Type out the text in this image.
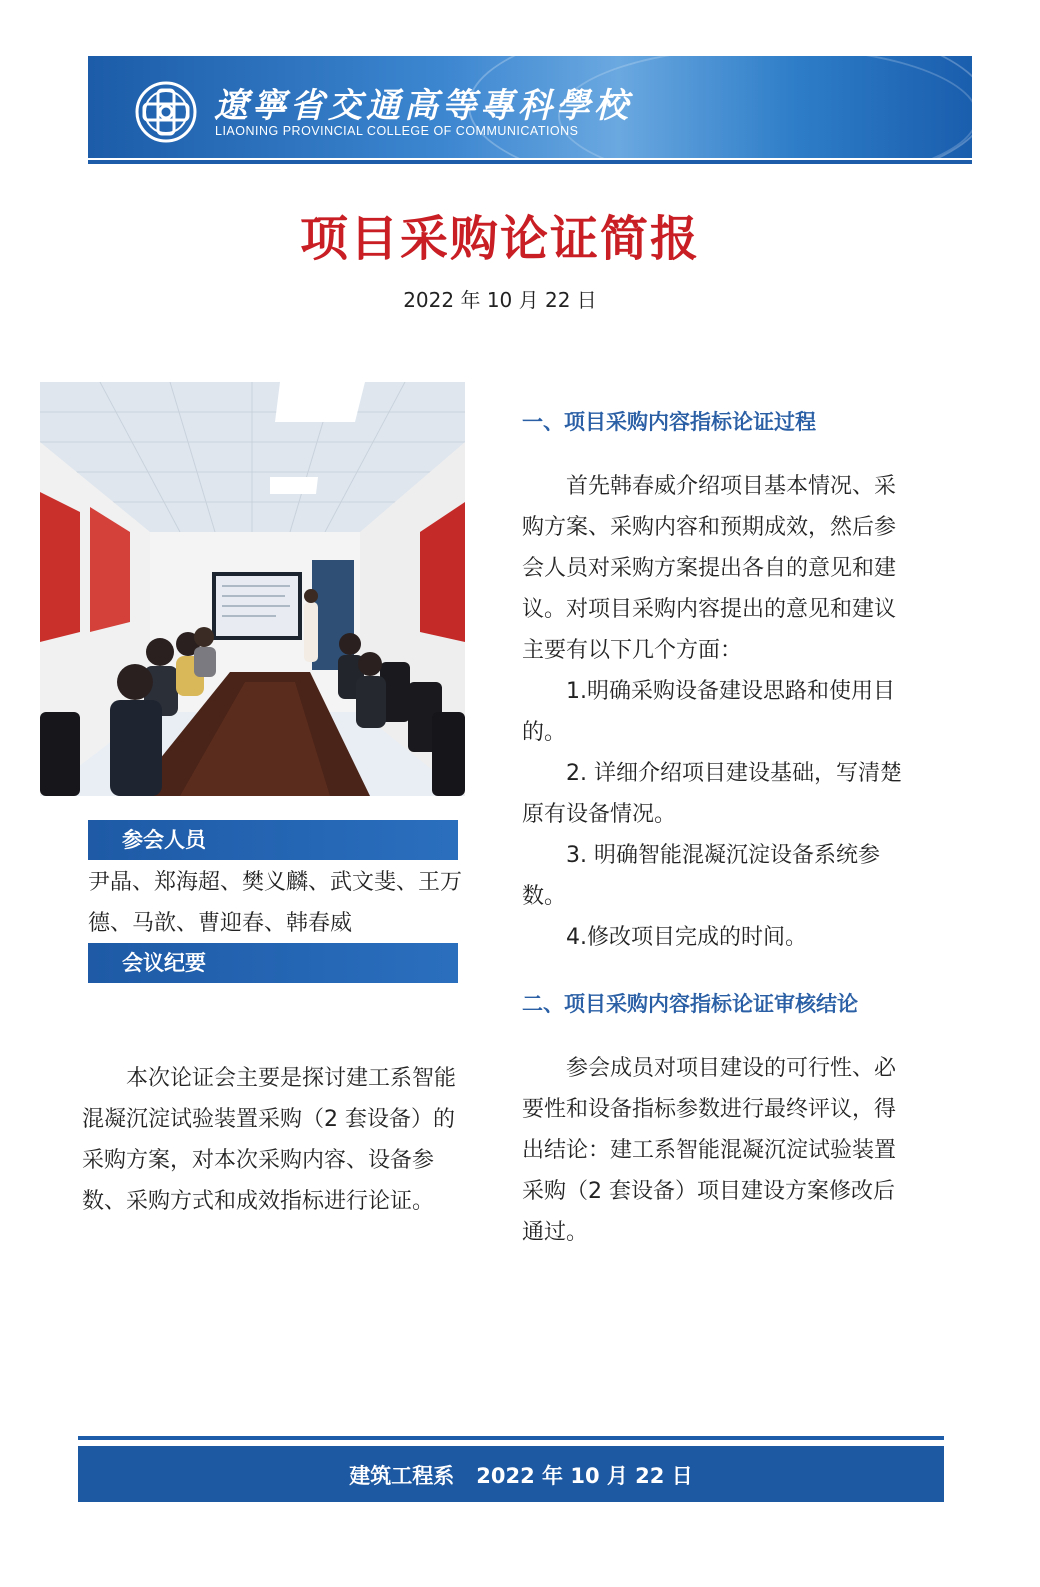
遼寧省交通高等專科學校
LIAONING PROVINCIAL COLLEGE OF COMMUNICATIONS
项目采购论证简报
2022 年 10 月 22 日
参会人员
尹晶、郑海超、樊义麟、武文斐、王万德、马歆、曹迎春、韩春威
会议纪要
本次论证会主要是探讨建工系智能混凝沉淀试验装置采购（2 套设备）的采购方案，对本次采购内容、设备参数、采购方式和成效指标进行论证。
一、项目采购内容指标论证过程

首先韩春威介绍项目基本情况、采购方案、采购内容和预期成效，然后参会人员对采购方案提出各自的意见和建议。对项目采购内容提出的意见和建议主要有以下几个方面：

1.明确采购设备建设思路和使用目的。

2. 详细介绍项目建设基础，写清楚原有设备情况。

3. 明确智能混凝沉淀设备系统参数。

4.修改项目完成的时间。

二、项目采购内容指标论证审核结论

参会成员对项目建设的可行性、必要性和设备指标参数进行最终评议，得出结论：建工系智能混凝沉淀试验装置采购（2 套设备）项目建设方案修改后通过。

建筑工程系 2022 年 10 月 22 日
